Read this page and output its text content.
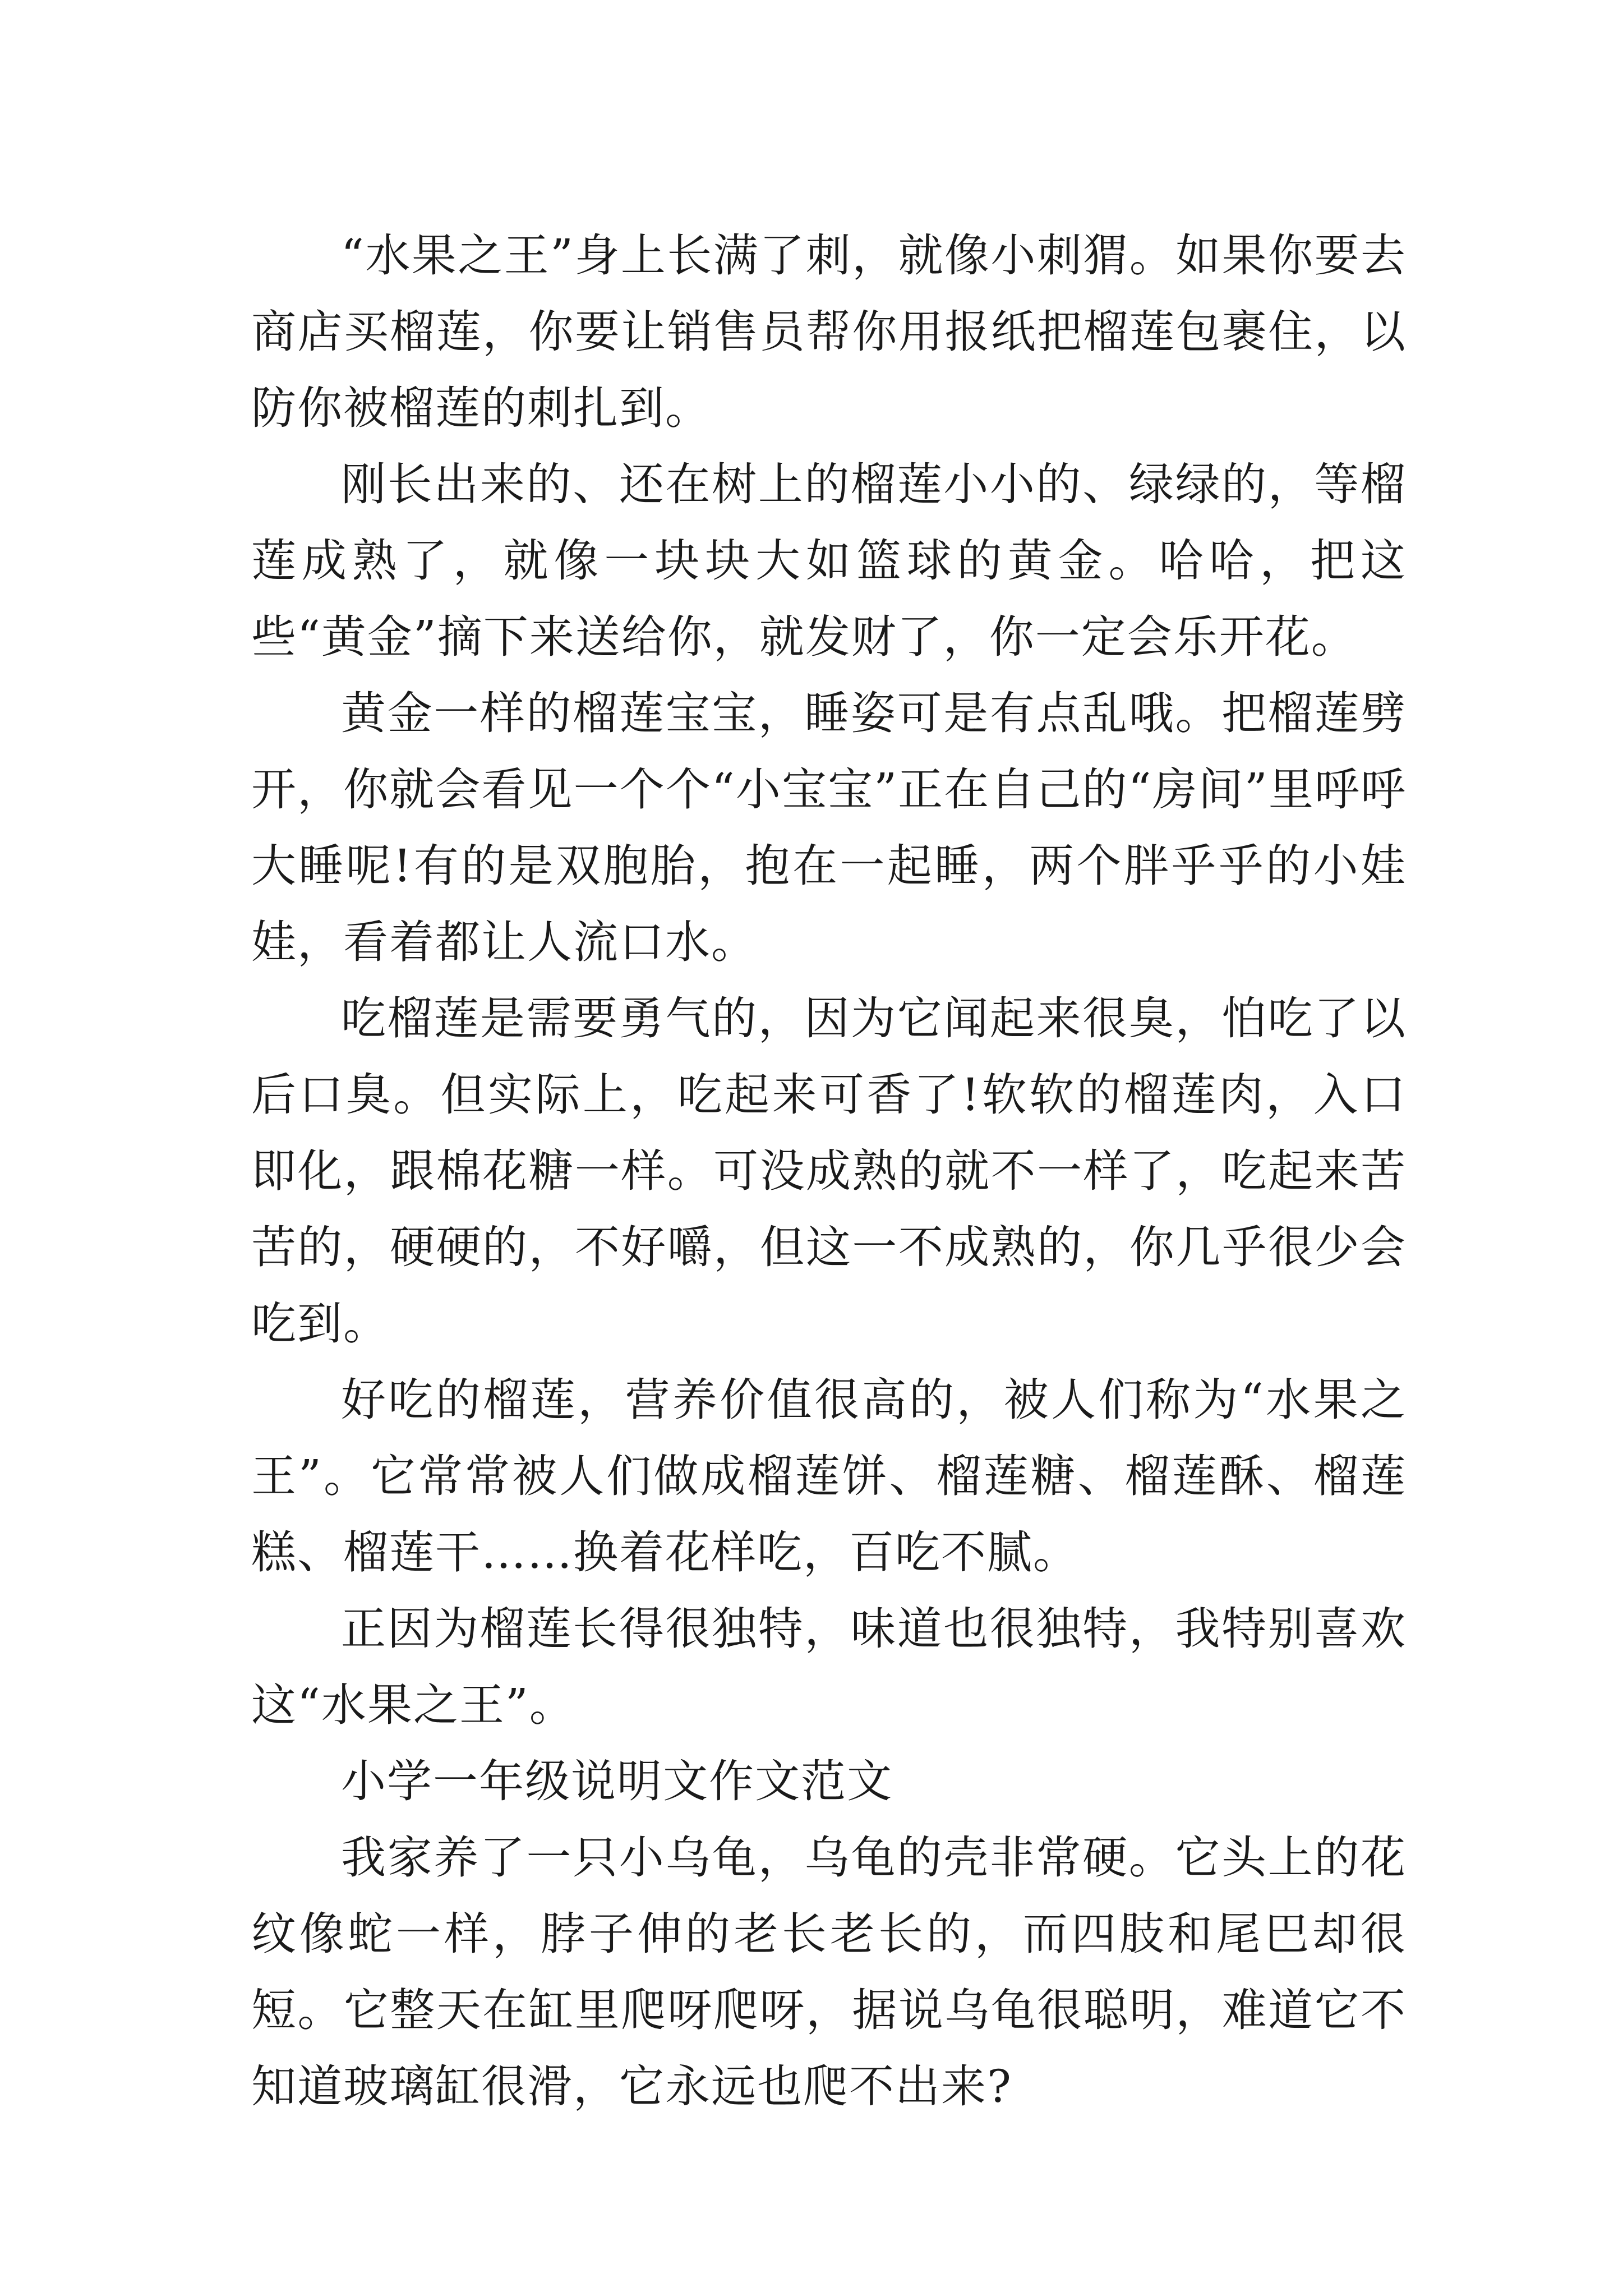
“水果之王”身上长满了刺，就像小刺猬。如果你要去商店买榴莲，你要让销售员帮你用报纸把榴莲包裹住，以防你被榴莲的刺扎到。

刚长出来的、还在树上的榴莲小小的、绿绿的，等榴莲成熟了，就像一块块大如篮球的黄金。哈哈，把这些“黄金”摘下来送给你，就发财了，你一定会乐开花。

黄金一样的榴莲宝宝，睡姿可是有点乱哦。把榴莲劈开，你就会看见一个个“小宝宝”正在自己的“房间”里呼呼大睡呢!有的是双胞胎，抱在一起睡，两个胖乎乎的小娃娃，看着都让人流口水。

吃榴莲是需要勇气的，因为它闻起来很臭，怕吃了以后口臭。但实际上，吃起来可香了!软软的榴莲肉，入口即化，跟棉花糖一样。可没成熟的就不一样了，吃起来苦苦的，硬硬的，不好嚼，但这一不成熟的，你几乎很少会吃到。

好吃的榴莲，营养价值很高的，被人们称为“水果之王”。它常常被人们做成榴莲饼、榴莲糖、榴莲酥、榴莲糕、榴莲干……换着花样吃，百吃不腻。

正因为榴莲长得很独特，味道也很独特，我特别喜欢这“水果之王”。

小学一年级说明文作文范文

我家养了一只小乌龟，乌龟的壳非常硬。它头上的花纹像蛇一样，脖子伸的老长老长的，而四肢和尾巴却很短。它整天在缸里爬呀爬呀，据说乌龟很聪明，难道它不知道玻璃缸很滑，它永远也爬不出来?
